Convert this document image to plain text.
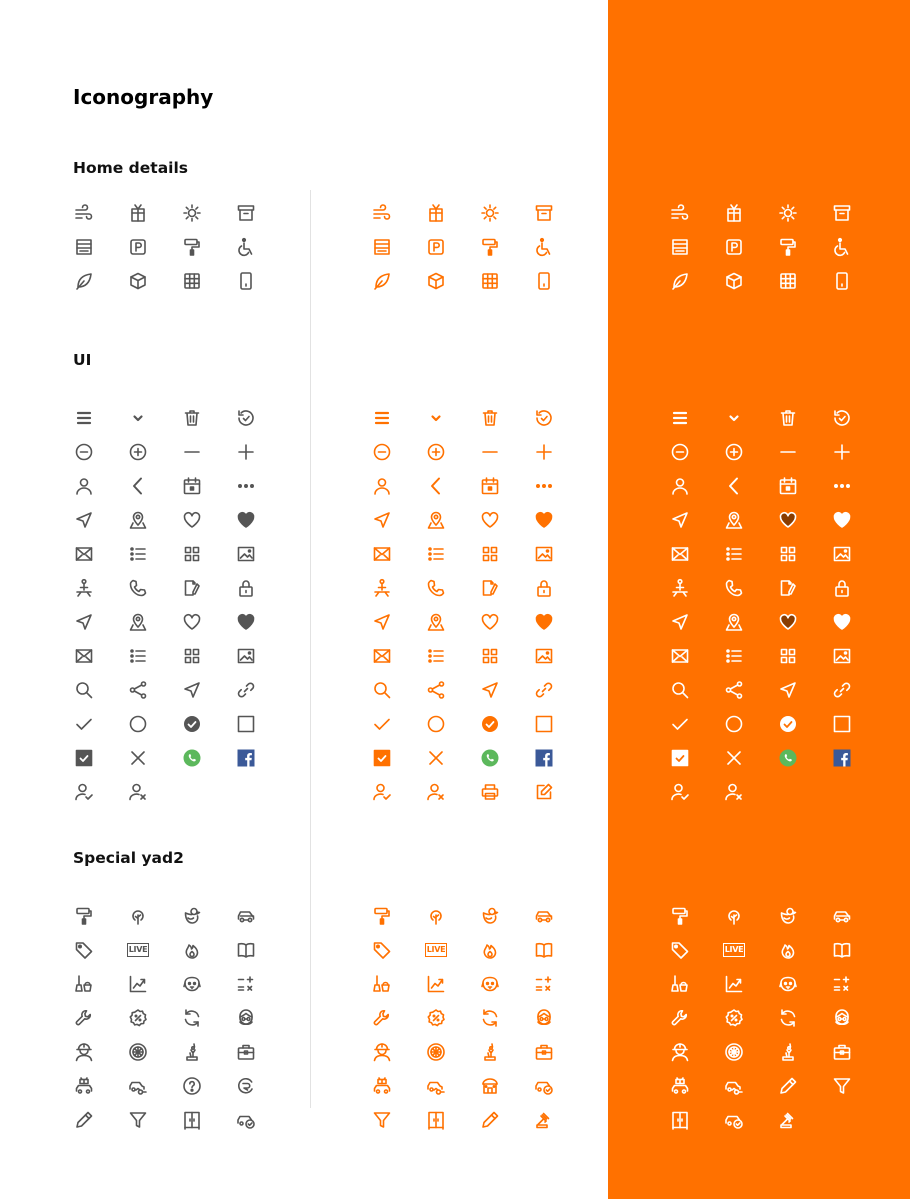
Iconography
Home details
UI
Special yad2
LIVE	LIVE	LIVE
